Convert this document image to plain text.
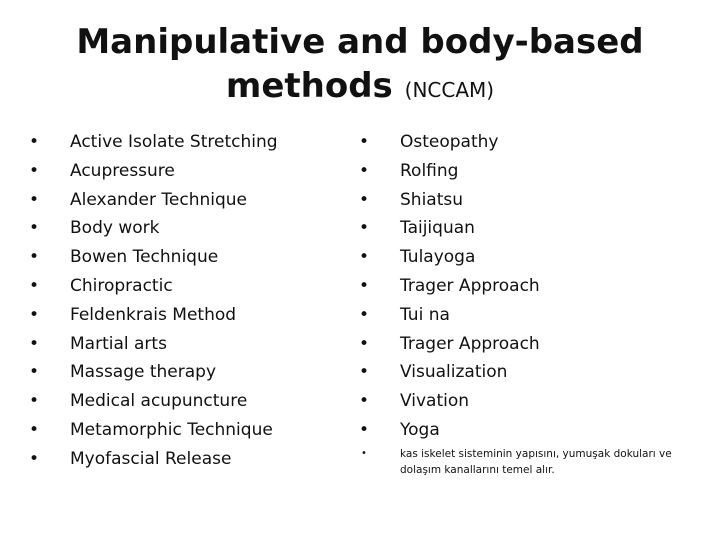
Manipulative and body-based
methods (NCCAM)
• Active Isolate Stretching
• Acupressure
• Alexander Technique
• Body work
• Bowen Technique
• Chiropractic
• Feldenkrais Method
• Martial arts
• Massage therapy
• Medical acupuncture
• Metamorphic Technique
• Myofascial Release
• Osteopathy
• Rolfing
• Shiatsu
• Taijiquan
• Tulayoga
• Trager Approach
• Tui na
• Trager Approach
• Visualization
• Vivation
• Yoga
•	kas iskelet sisteminin yapısını, yumuşak dokuları ve dolaşım kanallarını temel alır.
